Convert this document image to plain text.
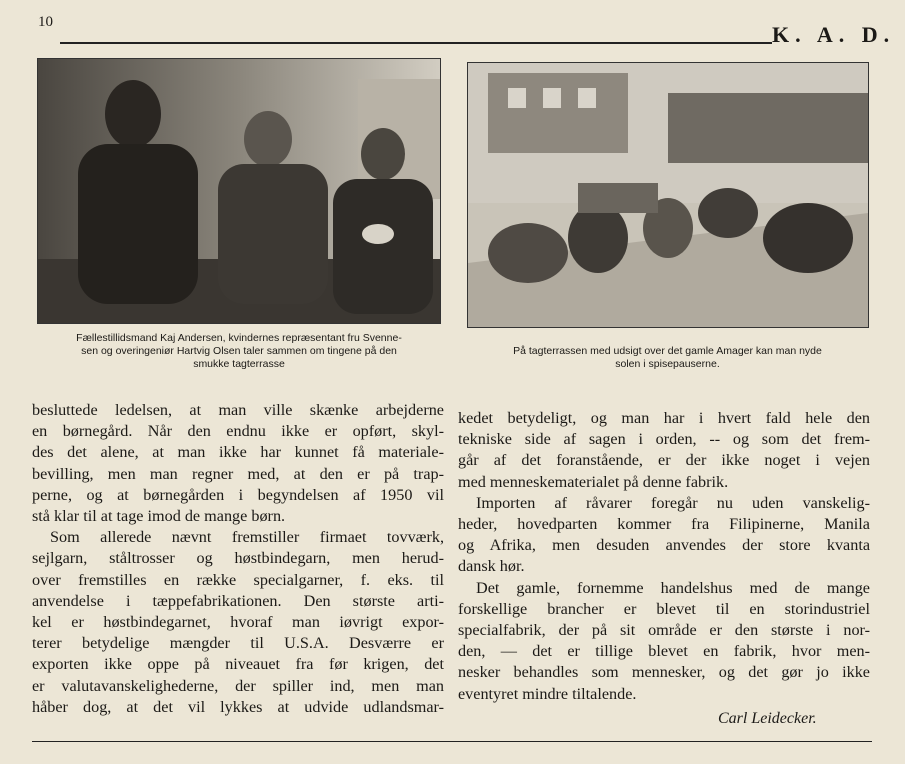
10	K. A. D.
Fællestillidsmand Kaj Andersen, kvindernes repræsentant fru Svenne-
sen og overingeniør Hartvig Olsen taler sammen om tingene på den
smukke tagterrasse
På tagterrassen med udsigt over det gamle Amager kan man nyde
solen i spisepauserne.
besluttede ledelsen, at man ville skænke arbejderne
en børnegård. Når den endnu ikke er opført, skyl-
des det alene, at man ikke har kunnet få materiale-
bevilling, men man regner med, at den er på trap-
perne, og at børnegården i begyndelsen af 1950 vil
stå klar til at tage imod de mange børn.
Som allerede nævnt fremstiller firmaet tovværk,
sejlgarn, ståltrosser og høstbindegarn, men herud-
over fremstilles en række specialgarner, f. eks. til
anvendelse i tæppefabrikationen. Den største arti-
kel er høstbindegarnet, hvoraf man iøvrigt expor-
terer betydelige mængder til U.S.A. Desværre er
exporten ikke oppe på niveauet fra før krigen, det
er valutavanskelighederne, der spiller ind, men man
håber dog, at det vil lykkes at udvide udlandsmar-
kedet betydeligt, og man har i hvert fald hele den
tekniske side af sagen i orden, -- og som det frem-
går af det foranstående, er der ikke noget i vejen
med menneskematerialet på denne fabrik.
Importen af råvarer foregår nu uden vanskelig-
heder, hovedparten kommer fra Filipinerne, Manila
og Afrika, men desuden anvendes der store kvanta
dansk hør.
Det gamle, fornemme handelshus med de mange
forskellige brancher er blevet til en storindustriel
specialfabrik, der på sit område er den største i nor-
den, — det er tillige blevet en fabrik, hvor men-
nesker behandles som mennesker, og det gør jo ikke
eventyret mindre tiltalende.
Carl Leidecker.
